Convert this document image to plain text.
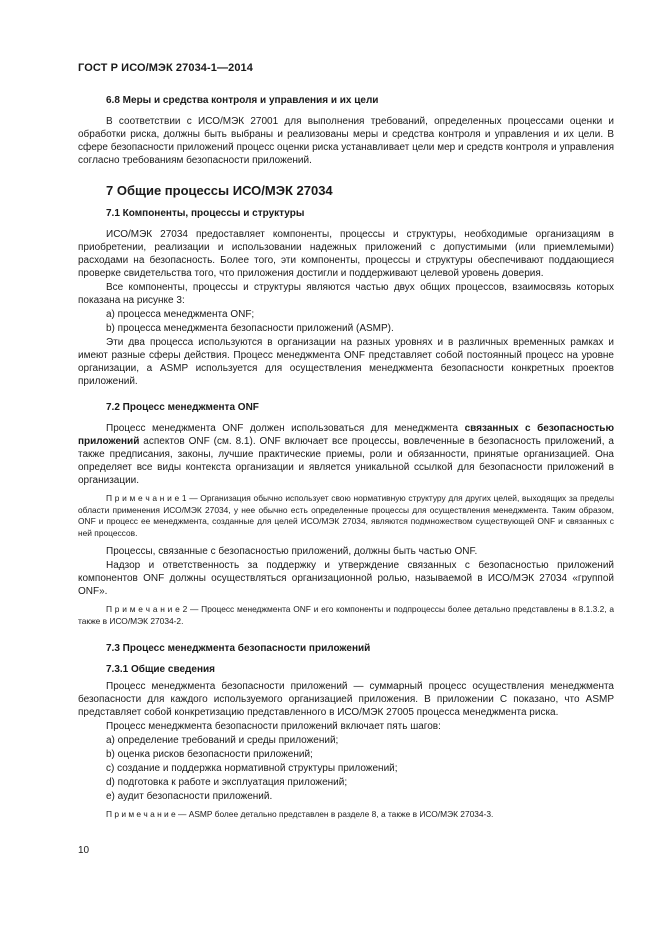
ГОСТ Р ИСО/МЭК 27034-1—2014
6.8 Меры и средства контроля и управления и их цели

В соответствии с ИСО/МЭК 27001 для выполнения требований, определенных процессами оценки и обработки риска, должны быть выбраны и реализованы меры и средства контроля и управления и их цели. В сфере безопасности приложений процесс оценки риска устанавливает цели мер и средств контроля и управления согласно требованиям безопасности приложений.

7 Общие процессы ИСО/МЭК 27034
7.1 Компоненты, процессы и структуры

ИСО/МЭК 27034 предоставляет компоненты, процессы и структуры, необходимые организациям в приобретении, реализации и использовании надежных приложений с допустимыми (или приемлемыми) расходами на безопасность. Более того, эти компоненты, процессы и структуры обеспечивают поддающиеся проверке свидетельства того, что приложения достигли и поддерживают целевой уровень доверия.

Все компоненты, процессы и структуры являются частью двух общих процессов, взаимосвязь которых показана на рисунке 3:

a) процесса менеджмента ONF;

b) процесса менеджмента безопасности приложений (ASMP).

Эти два процесса используются в организации на разных уровнях и в различных временных рамках и имеют разные сферы действия. Процесс менеджмента ONF представляет собой постоянный процесс на уровне организации, а ASMP используется для осуществления менеджмента безопасности конкретных проектов приложений.

7.2 Процесс менеджмента ONF

Процесс менеджмента ONF должен использоваться для менеджмента связанных с безопасностью приложений аспектов ONF (см. 8.1). ONF включает все процессы, вовлеченные в безопасность приложений, а также предписания, законы, лучшие практические приемы, роли и обязанности, принятые организацией. Она определяет все виды контекста организации и является уникальной ссылкой для безопасности приложений в организации.

П р и м е ч а н и е 1 — Организация обычно использует свою нормативную структуру для других целей, выходящих за пределы области применения ИСО/МЭК 27034, у нее обычно есть определенные процессы для осуществления менеджмента. Таким образом, ONF и процесс ее менеджмента, созданные для целей ИСО/МЭК 27034, являются подмножеством существующей ONF и связанных с ней процессов.

Процессы, связанные с безопасностью приложений, должны быть частью ONF.

Надзор и ответственность за поддержку и утверждение связанных с безопасностью приложений компонентов ONF должны осуществляться организационной ролью, называемой в ИСО/МЭК 27034 «группой ONF».

П р и м е ч а н и е 2 — Процесс менеджмента ONF и его компоненты и подпроцессы более детально представлены в 8.1.3.2, а также в ИСО/МЭК 27034-2.

7.3 Процесс менеджмента безопасности приложений
7.3.1 Общие сведения

Процесс менеджмента безопасности приложений — суммарный процесс осуществления менеджмента безопасности для каждого используемого организацией приложения. В приложении C показано, что ASMP представляет собой конкретизацию представленного в ИСО/МЭК 27005 процесса менеджмента риска.

Процесс менеджмента безопасности приложений включает пять шагов:

a) определение требований и среды приложений;

b) оценка рисков безопасности приложений;

c) создание и поддержка нормативной структуры приложений;

d) подготовка к работе и эксплуатация приложений;

e) аудит безопасности приложений.

П р и м е ч а н и е — ASMP более детально представлен в разделе 8, а также в ИСО/МЭК 27034-3.

10
